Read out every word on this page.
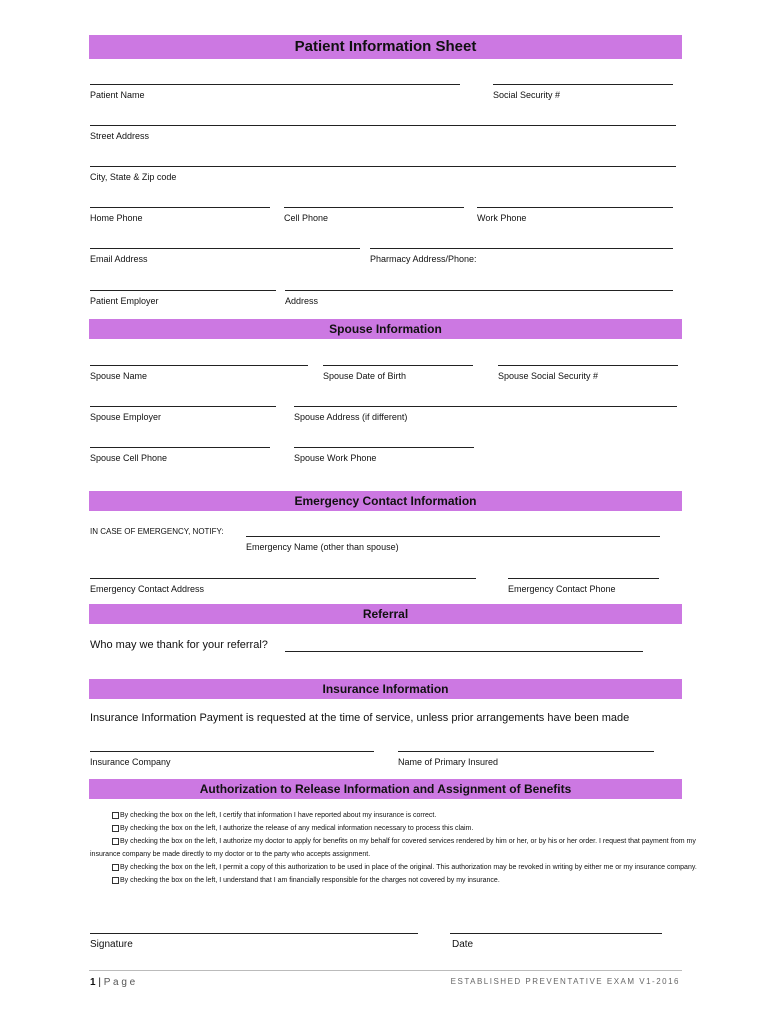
Patient Information Sheet
Patient Name	Social Security #
Street Address
City, State & Zip code
Home Phone	Cell Phone	Work Phone
Email Address	Pharmacy Address/Phone:
Patient Employer	Address
Spouse Information
Spouse Name	Spouse Date of Birth	Spouse Social Security #
Spouse Employer	Spouse Address (if different)
Spouse Cell Phone	Spouse Work Phone
Emergency Contact Information
IN CASE OF EMERGENCY, NOTIFY:
Emergency Name (other than spouse)
Emergency Contact Address	Emergency Contact Phone
Referral
Who may we thank for your referral?
Insurance Information
Insurance Information Payment is requested at the time of service, unless prior arrangements have been made
Insurance Company	Name of Primary Insured
Authorization to Release Information and Assignment of Benefits

By checking the box on the left, I certify that information I have reported about my insurance is correct.

By checking the box on the left, I authorize the release of any medical information necessary to process this claim.

By checking the box on the left, I authorize my doctor to apply for benefits on my behalf for covered services rendered by him or her, or by his or her order. I request that payment from my insurance company be made directly to my doctor or to the party who accepts assignment.

By checking the box on the left, I permit a copy of this authorization to be used in place of the original. This authorization may be revoked in writing by either me or my insurance company.

By checking the box on the left, I understand that I am financially responsible for the charges not covered by my insurance.

Signature	Date
1 | P a g e	ESTABLISHED PREVENTATIVE EXAM V1-2016
